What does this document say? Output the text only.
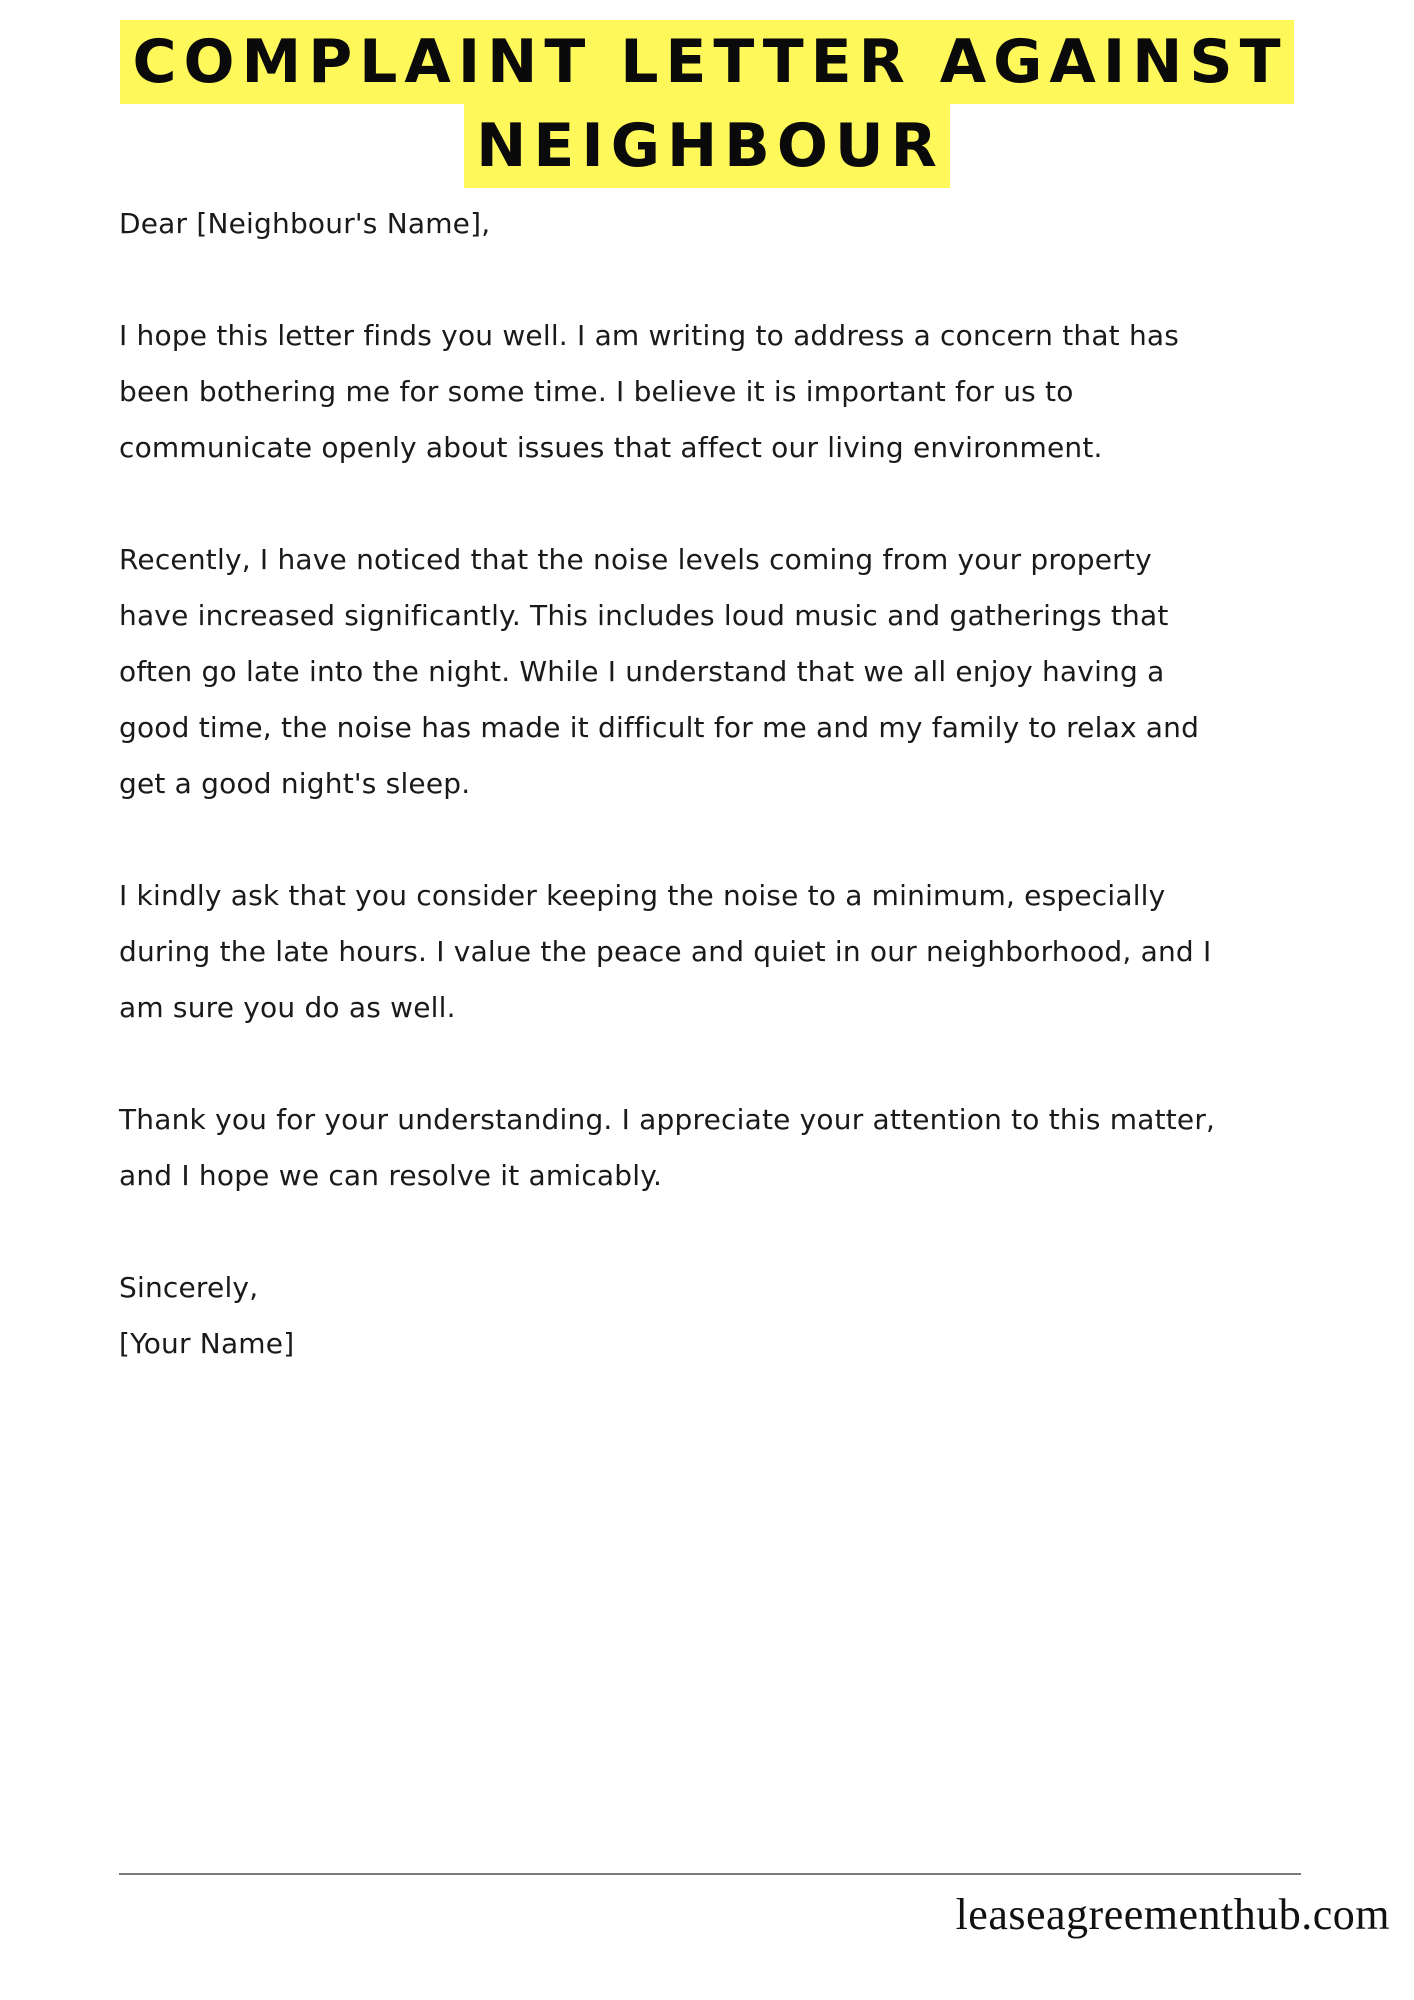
COMPLAINT LETTER AGAINST
NEIGHBOUR

Dear [Neighbour's Name],

I hope this letter finds you well. I am writing to address a concern that has
been bothering me for some time. I believe it is important for us to
communicate openly about issues that affect our living environment.

Recently, I have noticed that the noise levels coming from your property
have increased significantly. This includes loud music and gatherings that
often go late into the night. While I understand that we all enjoy having a
good time, the noise has made it difficult for me and my family to relax and
get a good night's sleep.

I kindly ask that you consider keeping the noise to a minimum, especially
during the late hours. I value the peace and quiet in our neighborhood, and I
am sure you do as well.

Thank you for your understanding. I appreciate your attention to this matter,
and I hope we can resolve it amicably.

Sincerely,
[Your Name]

leaseagreementhub.com
